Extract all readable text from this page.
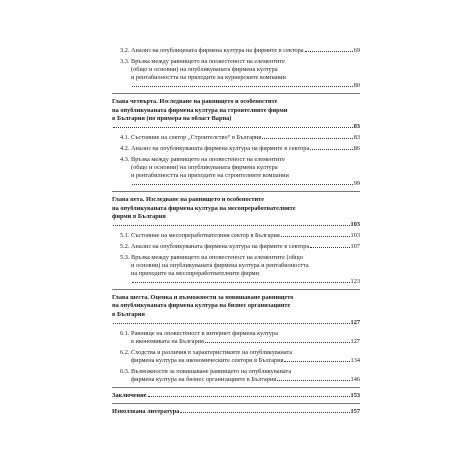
3.2. Анализ на опублицената фирмена култура на фирмите в сектора	69
3.3. Връзка между равнището на оповестеност на елементите
(общо и основни) на опубликуваната фирмена култура
и рентабилността на приходите на куриерските компании
80
Глава четвърта. Изследване на равнището и особеностите
на опубликуваната фирмена култура на строителните фирми
в България (по примера на област Варна)
83
4.1. Състояние на сектор „Строителство“ в България	83
4.2. Анализ на опубликуваната фирмена култура на фирмите в сектора	86
4.3. Връзка между равнището на оповестеност на елементите
(общо и основни) на опубликуваната фирмена култура
и рентабилността на приходите на строителните компании
99
Глава пета. Изследване на равнището и особеностите
на опубликуваната фирмена култура на месопреработвателните
фирми в България
103
5.1. Състояние на месопреработвателния сектор в България	103
5.2. Анализ на опубликуваната фирмена култура на фирмите в сектора	107
5.3. Връзка между равнището на оповестеност на елементите (общо
и основни) на опубликуваната фирмена култура и рентабилността
на приходите на месопреработвателните фирми
123
Глава шеста. Оценка и възможности за повишаване равнището
на опубликуваната фирмена култура на бизнес организациите
в България
127
6.1. Равнище на оповестеност в интернет фирмена култура
в икономиката на България	127
6.2. Сходства и различия в характеристиките на опубликуваната
фирмена култура на икономическите сектори в България	134
6.3. Възможности за повишаване равнището на опубликуваната
фирмена култура на бизнес организациите в България	146
Заключение	153
Използвана литература	157
